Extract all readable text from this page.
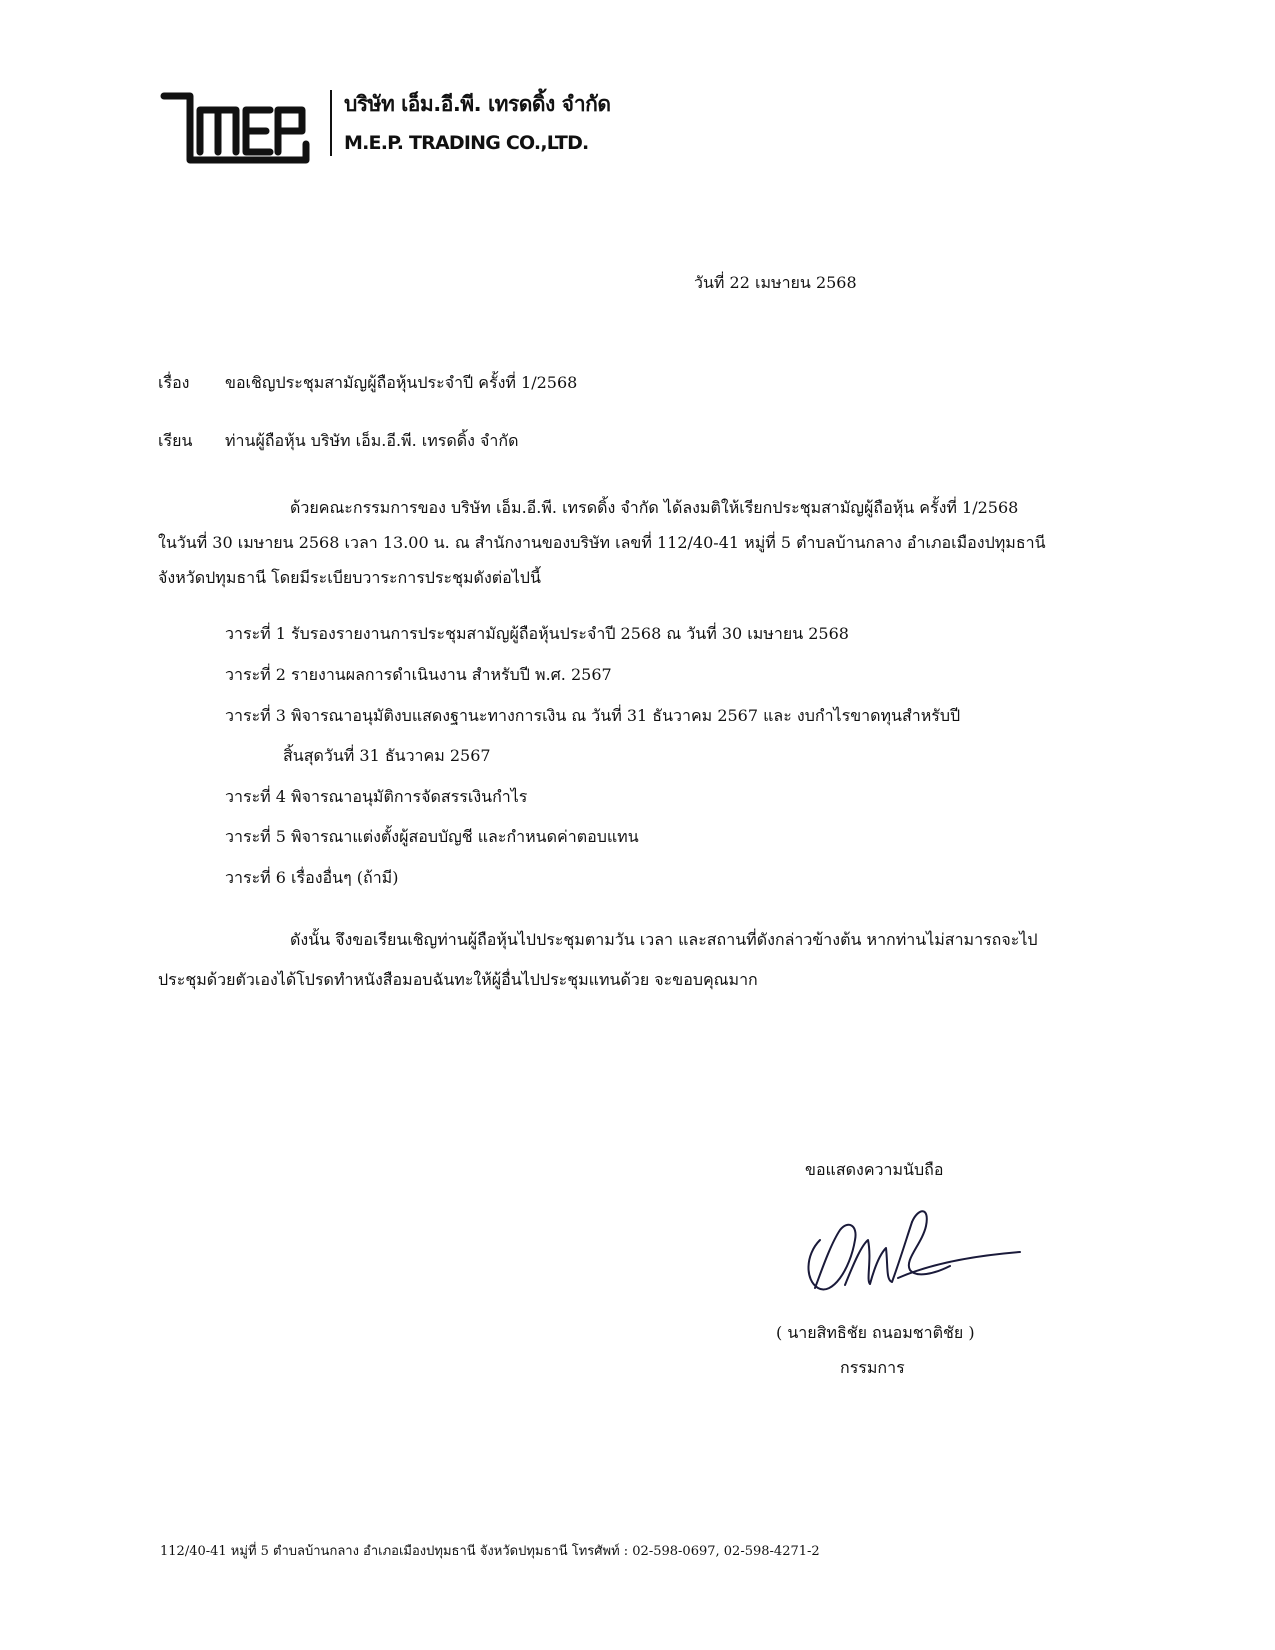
บริษัท เอ็ม.อี.พี. เทรดดิ้ง จำกัด
M.E.P. TRADING CO.,LTD.
วันที่ 22 เมษายน 2568
เรื่อง ขอเชิญประชุมสามัญผู้ถือหุ้นประจำปี ครั้งที่ 1/2568
เรียน ท่านผู้ถือหุ้น บริษัท เอ็ม.อี.พี. เทรดดิ้ง จำกัด
ด้วยคณะกรรมการของ บริษัท เอ็ม.อี.พี. เทรดดิ้ง จำกัด ได้ลงมติให้เรียกประชุมสามัญผู้ถือหุ้น ครั้งที่ 1/2568
ในวันที่ 30 เมษายน 2568 เวลา 13.00 น. ณ สำนักงานของบริษัท เลขที่ 112/40-41 หมู่ที่ 5 ตำบลบ้านกลาง อำเภอเมืองปทุมธานี
จังหวัดปทุมธานี โดยมีระเบียบวาระการประชุมดังต่อไปนี้
วาระที่ 1 รับรองรายงานการประชุมสามัญผู้ถือหุ้นประจำปี 2568 ณ วันที่ 30 เมษายน 2568
วาระที่ 2 รายงานผลการดำเนินงาน สำหรับปี พ.ศ. 2567
วาระที่ 3 พิจารณาอนุมัติงบแสดงฐานะทางการเงิน ณ วันที่ 31 ธันวาคม 2567 และ งบกำไรขาดทุนสำหรับปี
สิ้นสุดวันที่ 31 ธันวาคม 2567
วาระที่ 4 พิจารณาอนุมัติการจัดสรรเงินกำไร
วาระที่ 5 พิจารณาแต่งตั้งผู้สอบบัญชี และกำหนดค่าตอบแทน
วาระที่ 6 เรื่องอื่นๆ (ถ้ามี)
ดังนั้น จึงขอเรียนเชิญท่านผู้ถือหุ้นไปประชุมตามวัน เวลา และสถานที่ดังกล่าวข้างต้น หากท่านไม่สามารถจะไป
ประชุมด้วยตัวเองได้โปรดทำหนังสือมอบฉันทะให้ผู้อื่นไปประชุมแทนด้วย จะขอบคุณมาก
ขอแสดงความนับถือ
( นายสิทธิชัย ถนอมชาติชัย )
กรรมการ
112/40-41 หมู่ที่ 5 ตำบลบ้านกลาง อำเภอเมืองปทุมธานี จังหวัดปทุมธานี โทรศัพท์ : 02-598-0697, 02-598-4271-2
